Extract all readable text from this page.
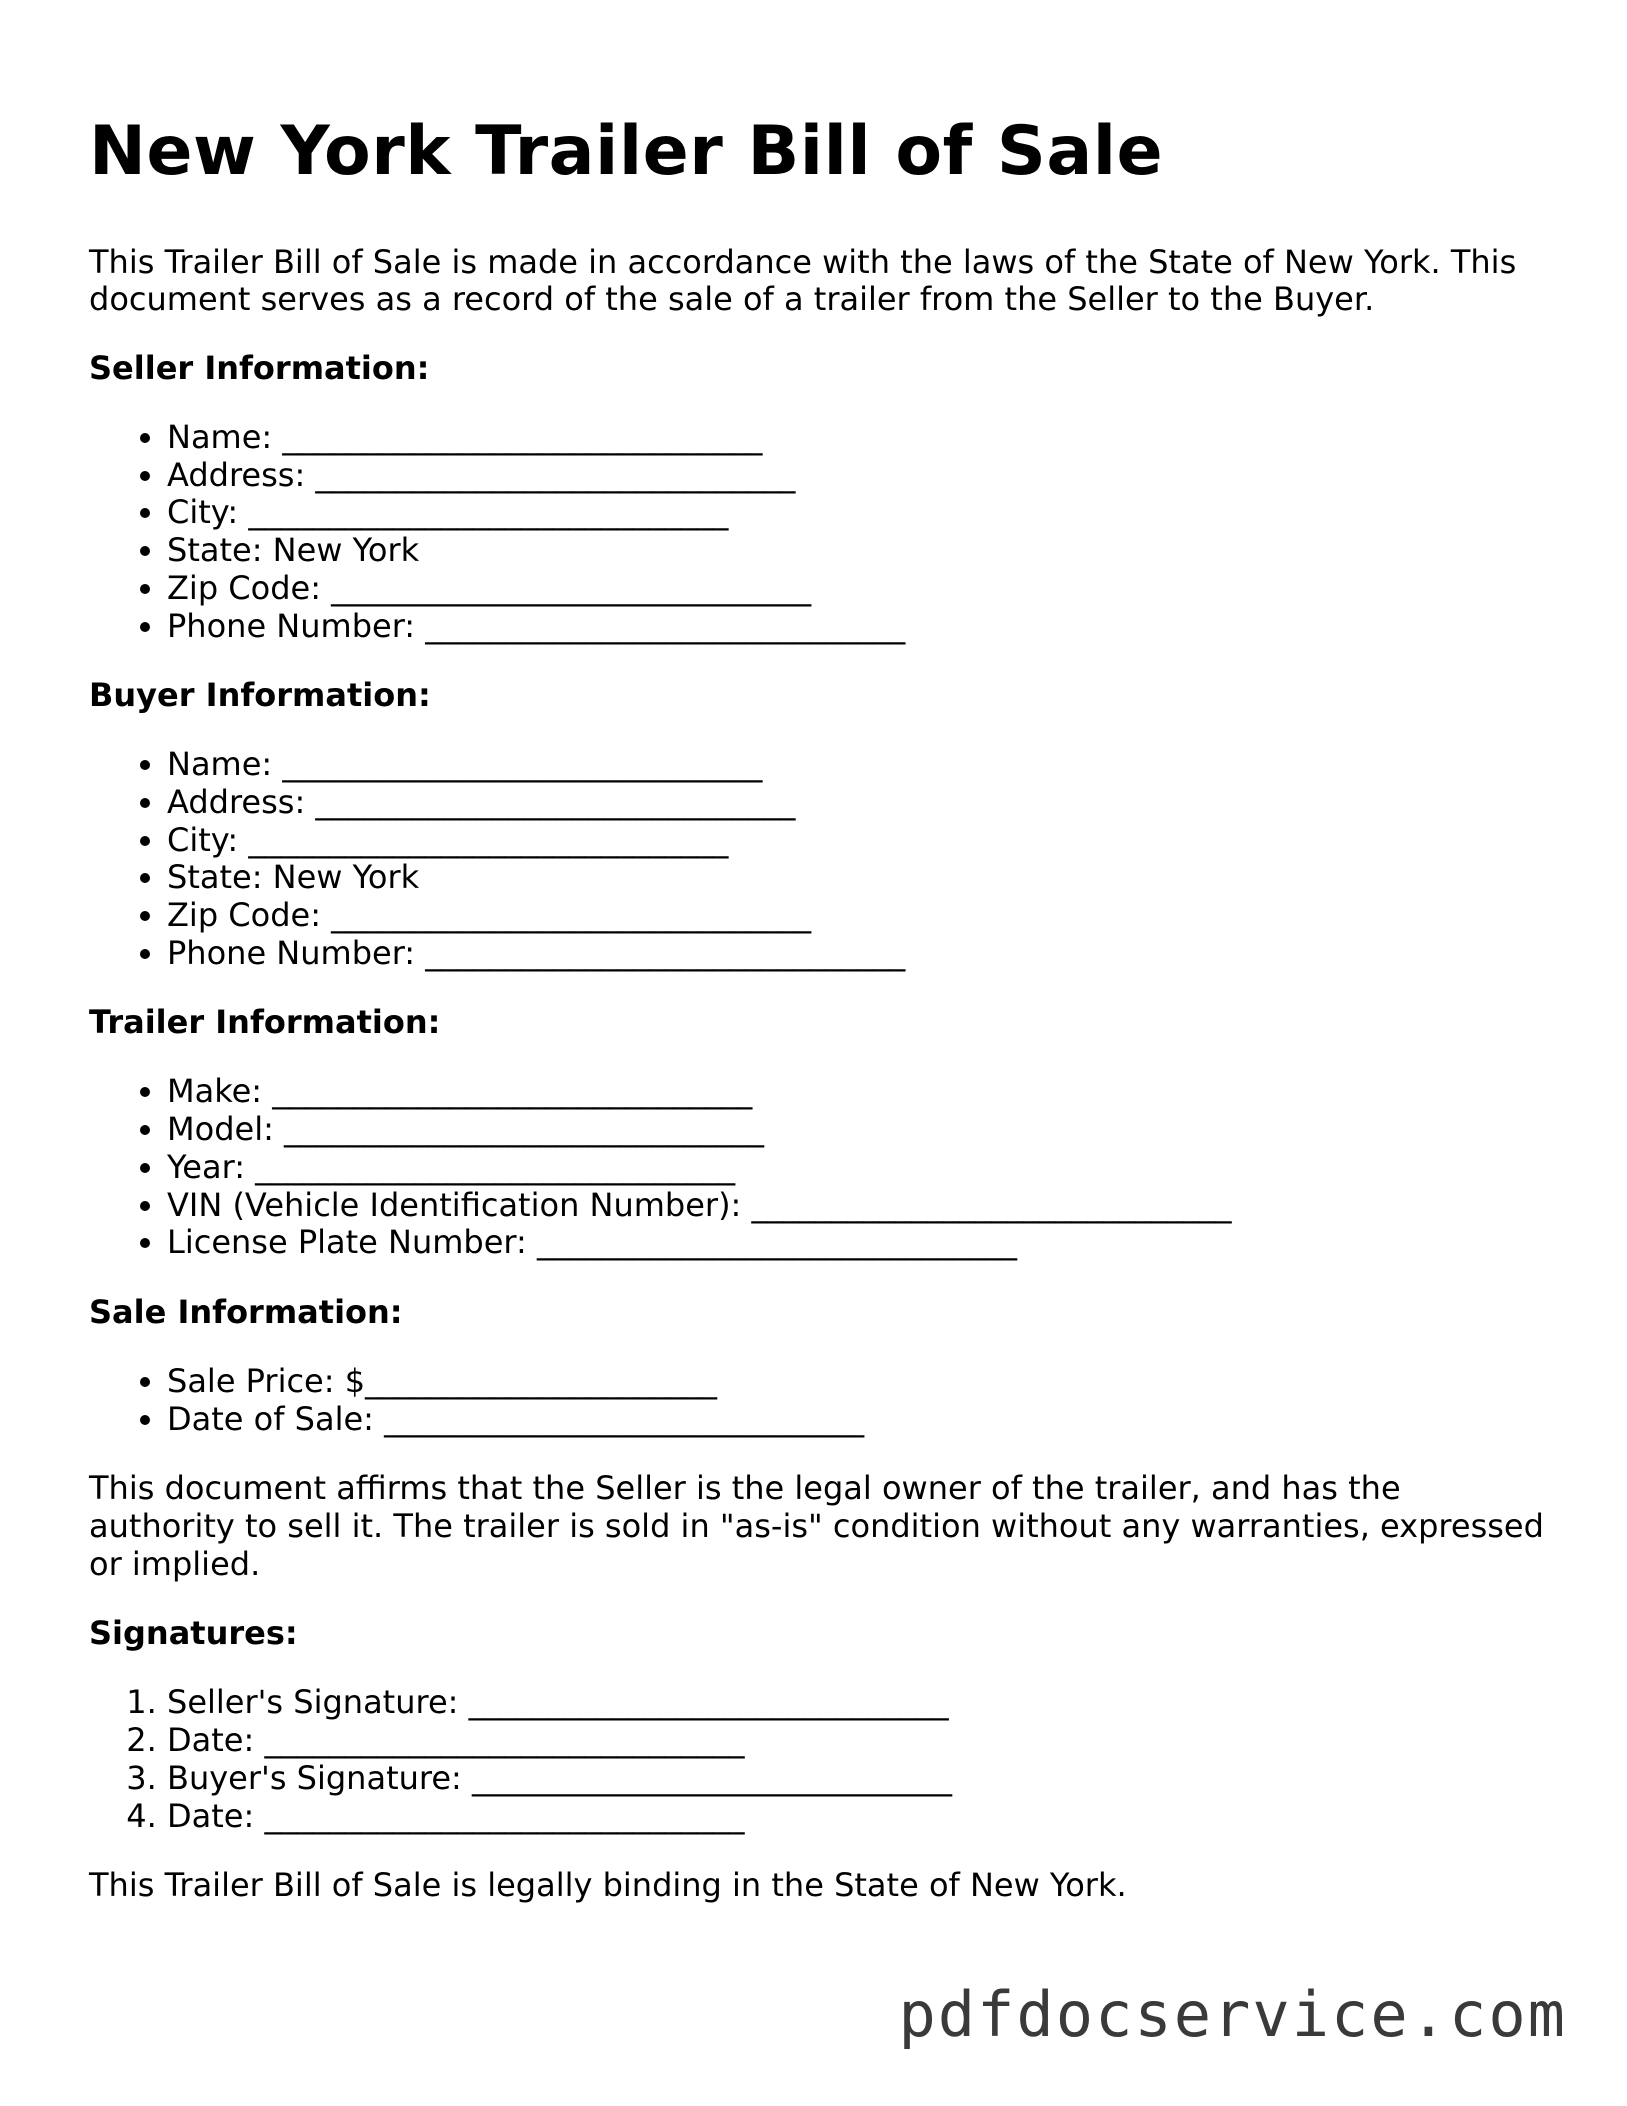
New York Trailer Bill of Sale

This Trailer Bill of Sale is made in accordance with the laws of the State of New York. This document serves as a record of the sale of a trailer from the Seller to the Buyer.

Seller Information:
• Name: ______________________________
• Address: ______________________________
• City: ______________________________
• State: New York
• Zip Code: ______________________________
• Phone Number: ______________________________
Buyer Information:
• Name: ______________________________
• Address: ______________________________
• City: ______________________________
• State: New York
• Zip Code: ______________________________
• Phone Number: ______________________________
Trailer Information:
• Make: ______________________________
• Model: ______________________________
• Year: ______________________________
• VIN (Vehicle Identification Number): ______________________________
• License Plate Number: ______________________________
Sale Information:
• Sale Price: $______________________
• Date of Sale: ______________________________

This document affirms that the Seller is the legal owner of the trailer, and has the authority to sell it. The trailer is sold in "as-is" condition without any warranties, expressed or implied.

Signatures:
1. Seller's Signature: ______________________________
2. Date: ______________________________
3. Buyer's Signature: ______________________________
4. Date: ______________________________

This Trailer Bill of Sale is legally binding in the State of New York.

pdfdocservice.com
